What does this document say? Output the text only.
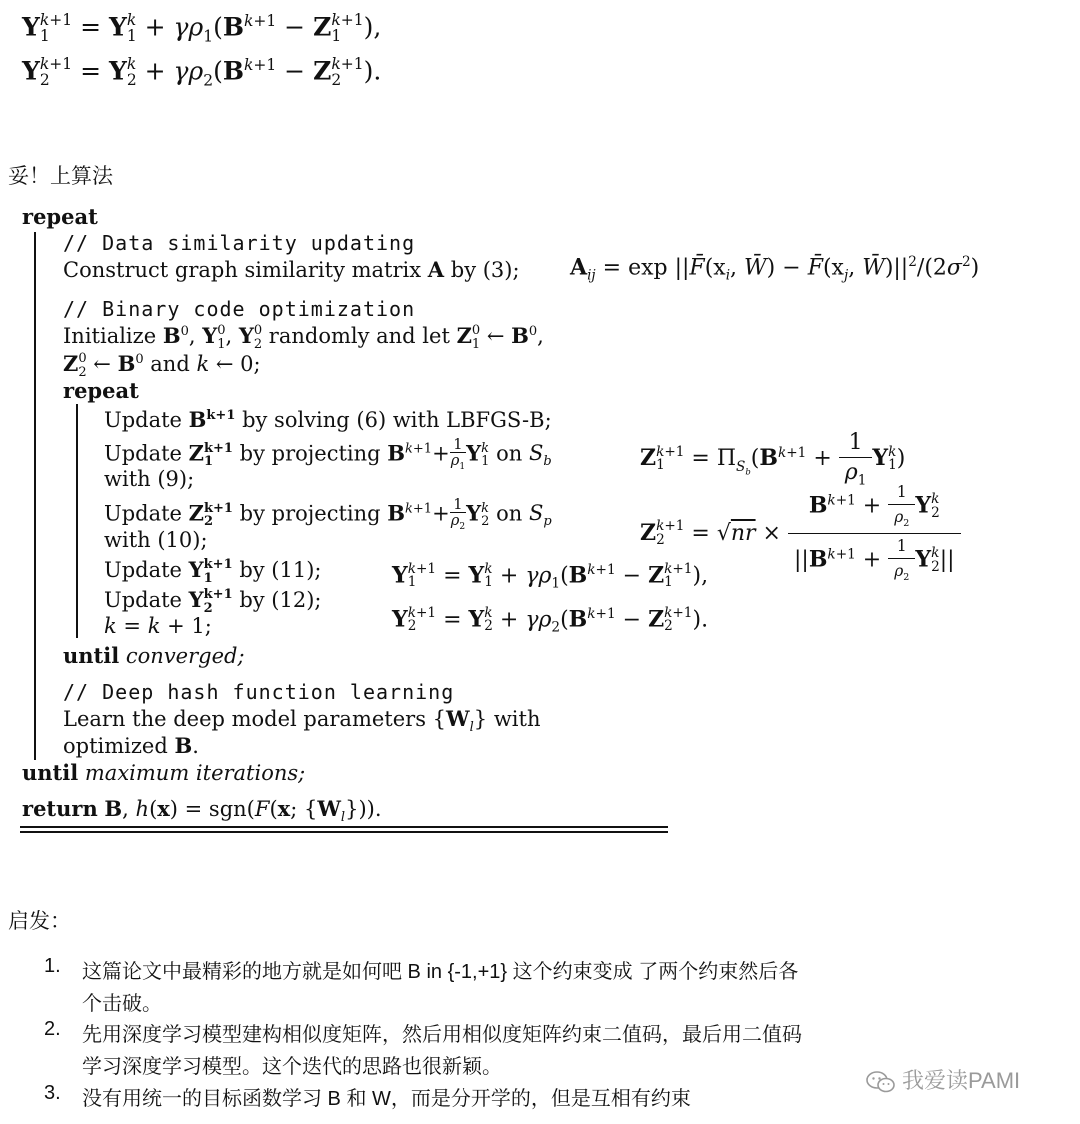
Y k+1
1 = Y k
$1 + \gamma\rho_1(B^{k+1} - Z$ k+1
1 ),
Y k+1
2 = Y k
$2 + \gamma\rho_2(B^{k+1} - Z$ k+1
2 ).
妥！上算法
repeat
// Data similarity updating
Construct graph similarity matrix A by (3); $A_{ij} = \exp$ $||F̄(x_i$, W̄) − $F̄(x_j$, $W̄)||^2/(2\sigma^2)$
// Binary code optimization
Initialize $B^0$, Y 0
1 , Y 0
2 randomly and let Z 0
1 ← $B^0$,
Z 0
2 ← $B^0$ and k ← 0;
repeat
Update $B^{k+1}$ by solving (6) with LBFGS-B;
Update Z k+1
1 by projecting $B^{k+1}+ \frac{1}{\rho_1}$ Y k
1 on $S_b$
with (9);
Z k+1
$1 = \Pi_{S_b}(B^{k+1} + \frac{1}{\rho_1}$ Y k
1 )
Update Z k+1
2 by projecting $B^{k+1}+ \frac{1}{\rho_2}$ Y k
2 on $S_p$
with (10);	Z k+1
$2 = √nr \times B^{k+1} + \frac{1}{\rho_2}$ Y k
2
$||B^{k+1} + \frac{1}{\rho_2}$ Y k
2 ||
Update Y k+1
1 by (11);
Update Y k+1
2 by (12);
k = k + 1;
Y k+1
1 = Y k
$1 + \gamma\rho_1(B^{k+1} - Z$ k+1
1 ),
Y k+1
2 = Y k
$2 + \gamma\rho_2(B^{k+1} - Z$ k+1
2 ).
until converged;
// Deep hash function learning
Learn the deep model parameters $\{W_l\}$ with
optimized B.
until maximum iterations;
return B, h(x) = sgn(F(x; $\{W_l\}$)).
启发：
1. 这篇论文中最精彩的地方就是如何吧 B in {-1,+1} 这个约束变成 了两个约束然后各
个击破。
2. 先用深度学习模型建构相似度矩阵，然后用相似度矩阵约束二值码，最后用二值码
学习深度学习模型。这个迭代的思路也很新颖。
3. 没有用统一的目标函数学习 B 和 W，而是分开学的，但是互相有约束
我爱读PAMI
